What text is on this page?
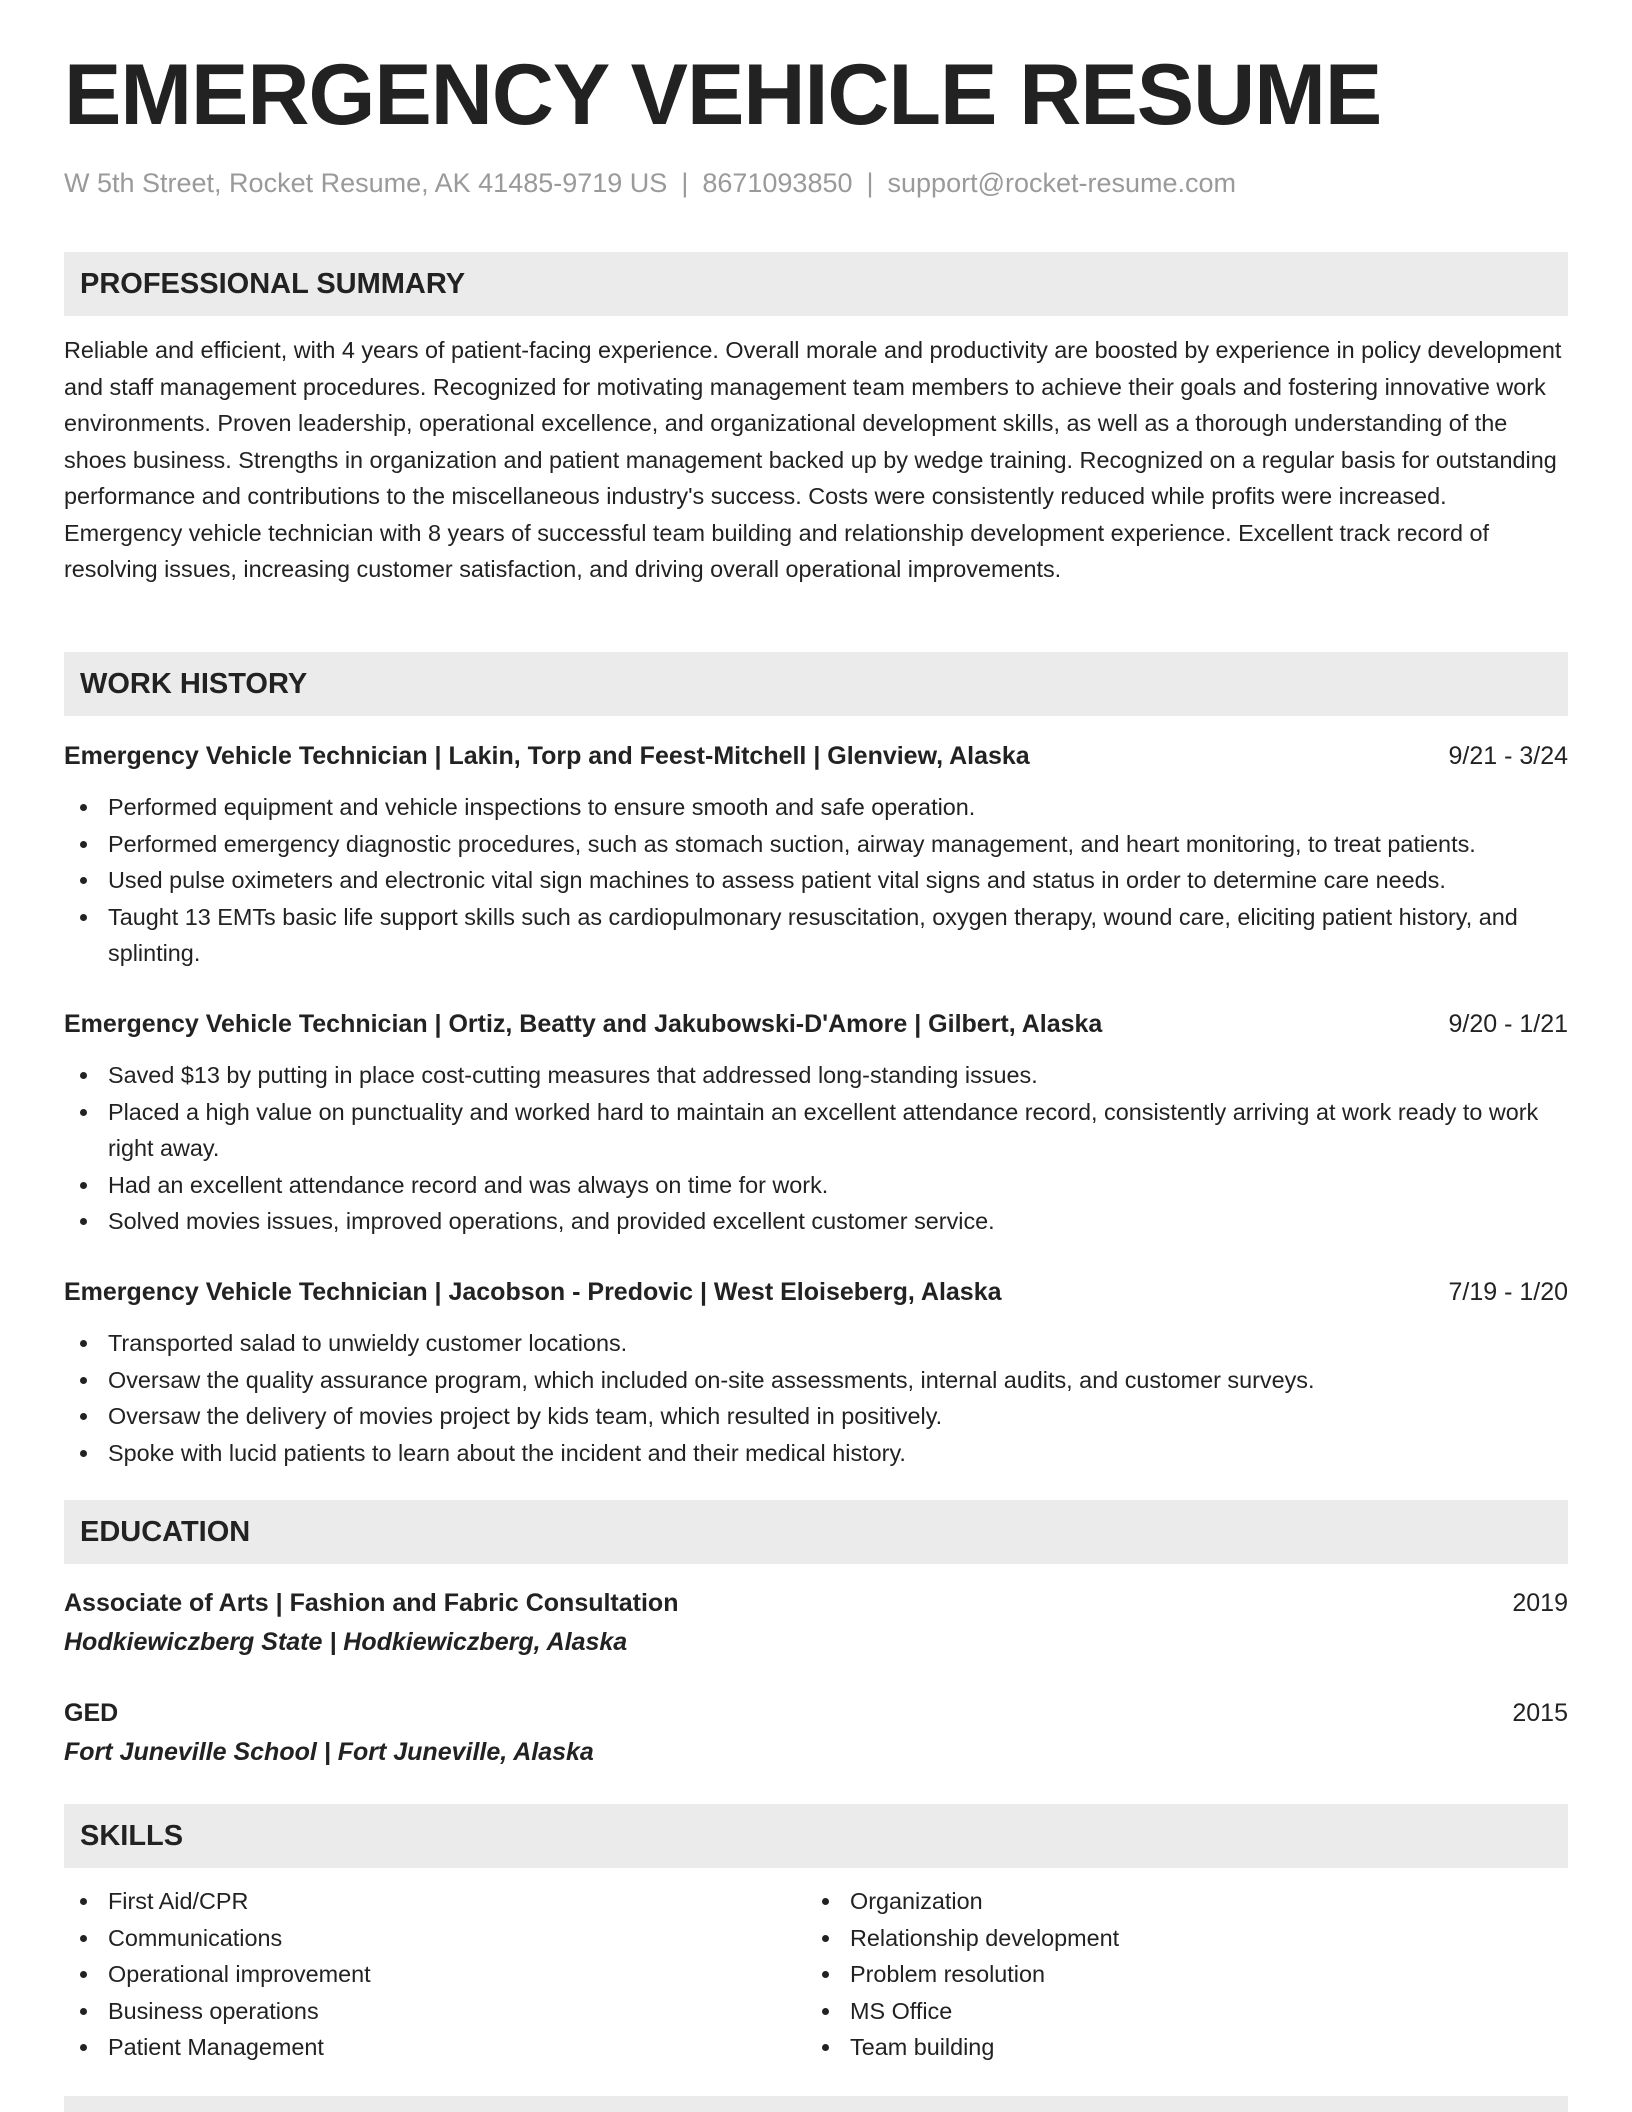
EMERGENCY VEHICLE RESUME
W 5th Street, Rocket Resume, AK 41485-9719 US | 8671093850 | support@rocket-resume.com
PROFESSIONAL SUMMARY

Reliable and efficient, with 4 years of patient-facing experience. Overall morale and productivity are boosted by experience in policy development and staff management procedures. Recognized for motivating management team members to achieve their goals and fostering innovative work environments. Proven leadership, operational excellence, and organizational development skills, as well as a thorough understanding of the shoes business. Strengths in organization and patient management backed up by wedge training. Recognized on a regular basis for outstanding performance and contributions to the miscellaneous industry's success. Costs were consistently reduced while profits were increased. Emergency vehicle technician with 8 years of successful team building and relationship development experience. Excellent track record of resolving issues, increasing customer satisfaction, and driving overall operational improvements.

WORK HISTORY
Emergency Vehicle Technician | Lakin, Torp and Feest-Mitchell | Glenview, Alaska	9/21 - 3/24
Performed equipment and vehicle inspections to ensure smooth and safe operation.
Performed emergency diagnostic procedures, such as stomach suction, airway management, and heart monitoring, to treat patients.
Used pulse oximeters and electronic vital sign machines to assess patient vital signs and status in order to determine care needs.
Taught 13 EMTs basic life support skills such as cardiopulmonary resuscitation, oxygen therapy, wound care, eliciting patient history, and splinting.
Emergency Vehicle Technician | Ortiz, Beatty and Jakubowski-D'Amore | Gilbert, Alaska	9/20 - 1/21
Saved $13 by putting in place cost-cutting measures that addressed long-standing issues.
Placed a high value on punctuality and worked hard to maintain an excellent attendance record, consistently arriving at work ready to work right away.
Had an excellent attendance record and was always on time for work.
Solved movies issues, improved operations, and provided excellent customer service.
Emergency Vehicle Technician | Jacobson - Predovic | West Eloiseberg, Alaska	7/19 - 1/20
Transported salad to unwieldy customer locations.
Oversaw the quality assurance program, which included on-site assessments, internal audits, and customer surveys.
Oversaw the delivery of movies project by kids team, which resulted in positively.
Spoke with lucid patients to learn about the incident and their medical history.
EDUCATION
Associate of Arts | Fashion and Fabric Consultation	2019
Hodkiewiczberg State | Hodkiewiczberg, Alaska
GED	2015
Fort Juneville School | Fort Juneville, Alaska
SKILLS
First Aid/CPR
Communications
Operational improvement
Business operations
Patient Management
Organization
Relationship development
Problem resolution
MS Office
Team building
